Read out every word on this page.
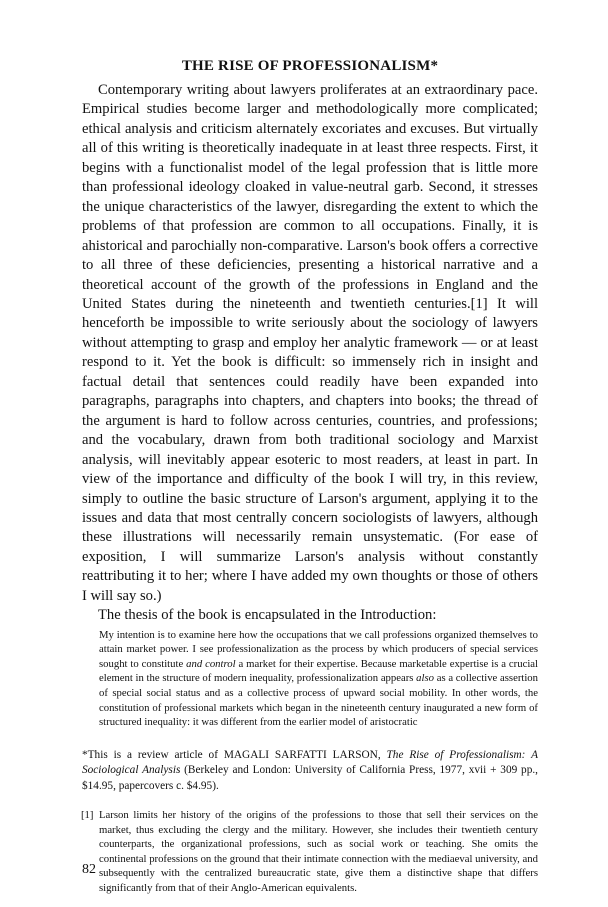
THE RISE OF PROFESSIONALISM*

Contemporary writing about lawyers proliferates at an extraordinary pace. Empirical studies become larger and methodologically more complicated; ethical analysis and criticism alternately excoriates and excuses. But virtually all of this writing is theoretically inadequate in at least three respects. First, it begins with a functionalist model of the legal profession that is little more than professional ideology cloaked in value-neutral garb. Second, it stresses the unique characteristics of the lawyer, disregarding the extent to which the problems of that profession are common to all occupations. Finally, it is ahistorical and parochially non-comparative. Larson's book offers a corrective to all three of these deficiencies, presenting a historical narrative and a theoretical account of the growth of the professions in England and the United States during the nineteenth and twentieth centuries.[1] It will henceforth be impossible to write seriously about the sociology of lawyers without attempting to grasp and employ her analytic framework — or at least respond to it. Yet the book is difficult: so immensely rich in insight and factual detail that sentences could readily have been expanded into paragraphs, paragraphs into chapters, and chapters into books; the thread of the argument is hard to follow across centuries, countries, and professions; and the vocabulary, drawn from both traditional sociology and Marxist analysis, will inevitably appear esoteric to most readers, at least in part. In view of the importance and difficulty of the book I will try, in this review, simply to outline the basic structure of Larson's argument, applying it to the issues and data that most centrally concern sociologists of lawyers, although these illustrations will necessarily remain unsystematic. (For ease of exposition, I will summarize Larson's analysis without constantly reattributing it to her; where I have added my own thoughts or those of others I will say so.)

The thesis of the book is encapsulated in the Introduction:

My intention is to examine here how the occupations that we call professions organized themselves to attain market power. I see professionalization as the process by which producers of special services sought to constitute and control a market for their expertise. Because marketable expertise is a crucial element in the structure of modern inequality, professionalization appears also as a collective assertion of special social status and as a collective process of upward social mobility. In other words, the constitution of professional markets which began in the nineteenth century inaugurated a new form of structured inequality: it was different from the earlier model of aristocratic

*This is a review article of MAGALI SARFATTI LARSON, The Rise of Professionalism: A Sociological Analysis (Berkeley and London: University of California Press, 1977, xvii + 309 pp., $14.95, papercovers c. $4.95).

[1] Larson limits her history of the origins of the professions to those that sell their services on the market, thus excluding the clergy and the military. However, she includes their twentieth century counterparts, the organizational professions, such as social work or teaching. She omits the continental professions on the ground that their intimate connection with the mediaeval university, and subsequently with the centralized bureaucratic state, give them a distinctive shape that differs significantly from that of their Anglo-American equivalents.

82
